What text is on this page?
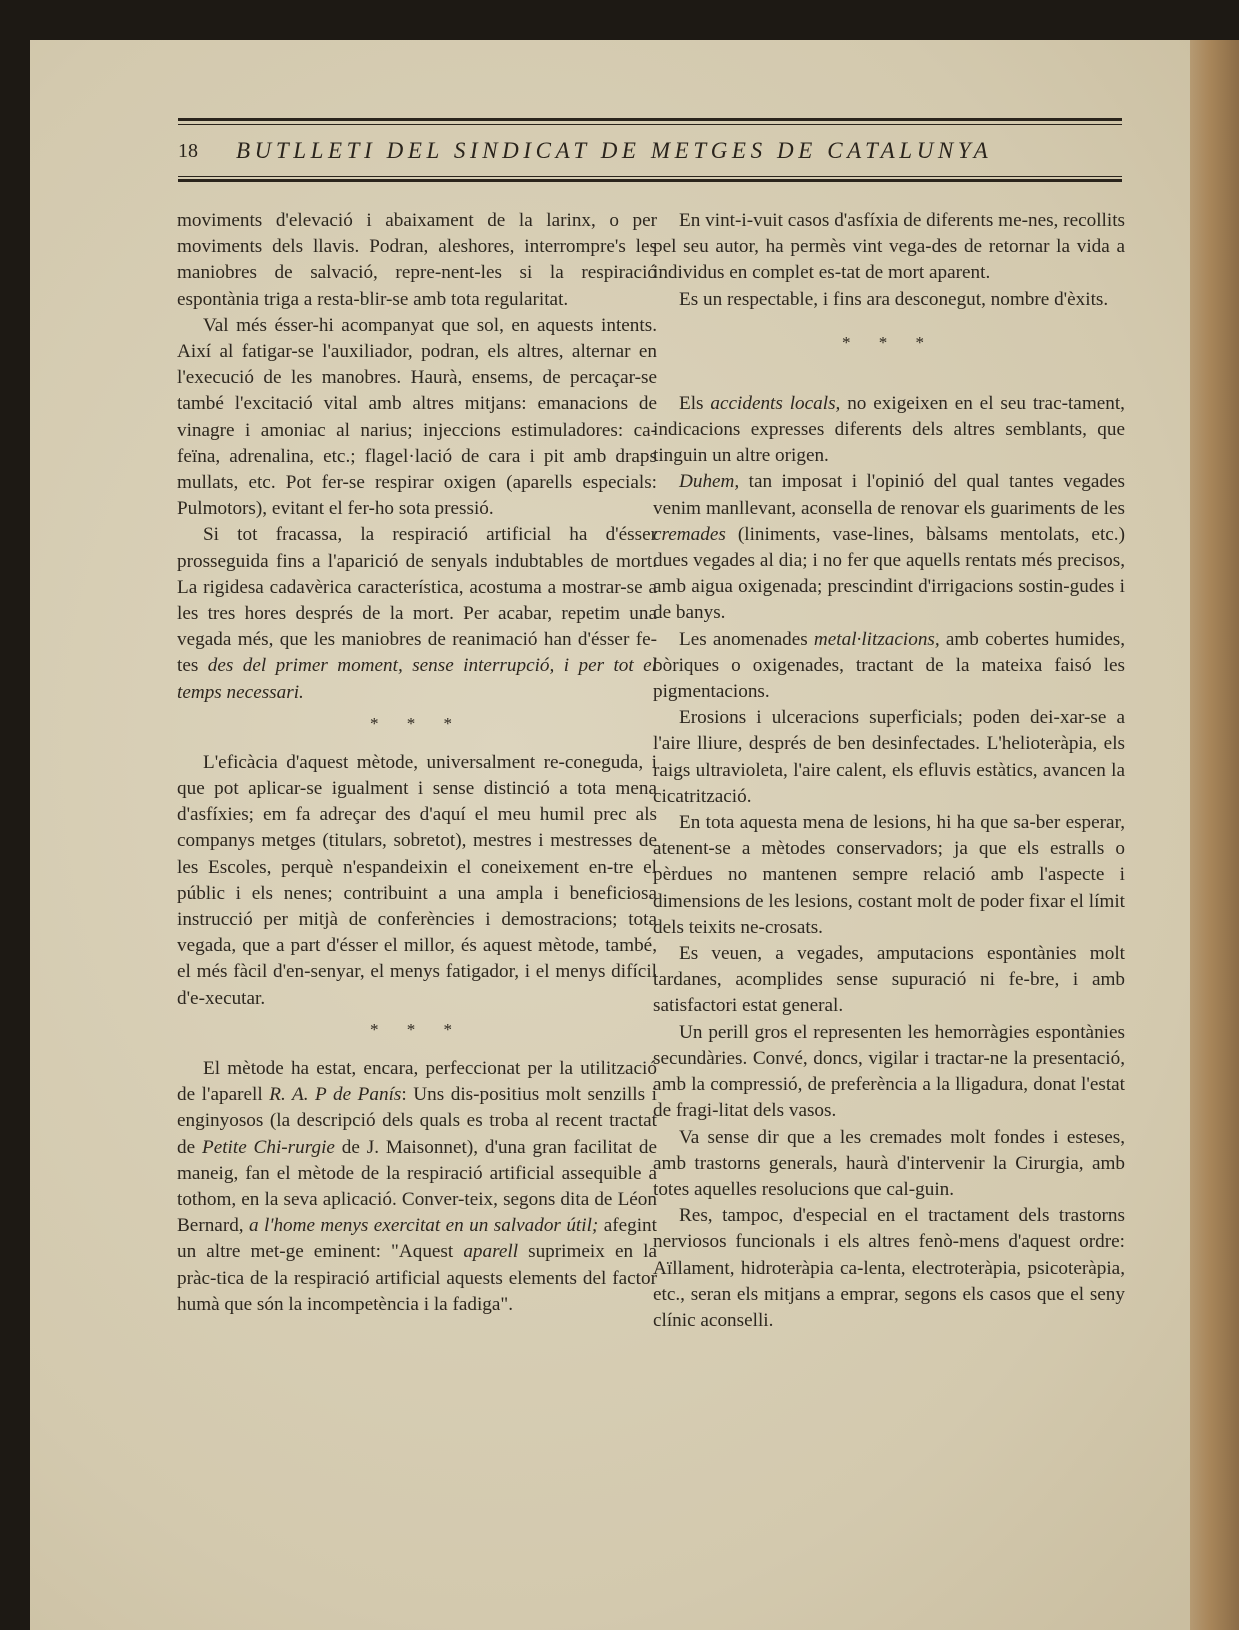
18	BUTLLETI DEL SINDICAT DE METGES DE CATALUNYA

moviments d'elevació i abaixament de la larinx, o per moviments dels llavis. Podran, aleshores, interrompre's les maniobres de salvació, repre-nent-les si la respiració espontània triga a resta-blir-se amb tota regularitat.

Val més ésser-hi acompanyat que sol, en aquests intents. Així al fatigar-se l'auxiliador, podran, els altres, alternar en l'execució de les manobres. Haurà, ensems, de percaçar-se també l'excitació vital amb altres mitjans: emanacions de vinagre i amoniac al narius; injeccions estimuladores: ca-feïna, adrenalina, etc.; flagel·lació de cara i pit amb draps mullats, etc. Pot fer-se respirar oxigen (aparells especials: Pulmotors), evitant el fer-ho sota pressió.

Si tot fracassa, la respiració artificial ha d'ésser prosseguida fins a l'aparició de senyals indubtables de mort. La rigidesa cadavèrica característica, acostuma a mostrar-se a les tres hores després de la mort. Per acabar, repetim una vegada més, que les maniobres de reanimació han d'ésser fe-tes des del primer moment, sense interrupció, i per tot el temps necessari.

* * *

L'eficàcia d'aquest mètode, universalment re-coneguda, i que pot aplicar-se igualment i sense distinció a tota mena d'asfíxies; em fa adreçar des d'aquí el meu humil prec als companys metges (titulars, sobretot), mestres i mestresses de les Escoles, perquè n'espandeixin el coneixement en-tre el públic i els nenes; contribuint a una ampla i beneficiosa instrucció per mitjà de conferències i demostracions; tota vegada, que a part d'ésser el millor, és aquest mètode, també, el més fàcil d'en-senyar, el menys fatigador, i el menys difícil d'e-xecutar.

* * *

El mètode ha estat, encara, perfeccionat per la utilització de l'aparell R. A. P de Panís: Uns dis-positius molt senzills i enginyosos (la descripció dels quals es troba al recent tractat de Petite Chi-rurgie de J. Maisonnet), d'una gran facilitat de maneig, fan el mètode de la respiració artificial assequible a tothom, en la seva aplicació. Conver-teix, segons dita de Léon Bernard, a l'home menys exercitat en un salvador útil; afegint un altre met-ge eminent: "Aquest aparell suprimeix en la pràc-tica de la respiració artificial aquests elements del factor humà que són la incompetència i la fadiga".

En vint-i-vuit casos d'asfíxia de diferents me-nes, recollits pel seu autor, ha permès vint vega-des de retornar la vida a individus en complet es-tat de mort aparent.

Es un respectable, i fins ara desconegut, nombre d'èxits.

* * *

Els accidents locals, no exigeixen en el seu trac-tament, indicacions expresses diferents dels altres semblants, que tinguin un altre origen.

Duhem, tan imposat i l'opinió del qual tantes vegades venim manllevant, aconsella de renovar els guariments de les cremades (liniments, vase-lines, bàlsams mentolats, etc.) dues vegades al dia; i no fer que aquells rentats més precisos, amb aigua oxigenada; prescindint d'irrigacions sostin-gudes i de banys.

Les anomenades metal·litzacions, amb cobertes humides, bòriques o oxigenades, tractant de la mateixa faisó les pigmentacions.

Erosions i ulceracions superficials; poden dei-xar-se a l'aire lliure, després de ben desinfectades. L'helioteràpia, els raigs ultravioleta, l'aire calent, els efluvis estàtics, avancen la cicatrització.

En tota aquesta mena de lesions, hi ha que sa-ber esperar, atenent-se a mètodes conservadors; ja que els estralls o pèrdues no mantenen sempre relació amb l'aspecte i dimensions de les lesions, costant molt de poder fixar el límit dels teixits ne-crosats.

Es veuen, a vegades, amputacions espontànies molt tardanes, acomplides sense supuració ni fe-bre, i amb satisfactori estat general.

Un perill gros el representen les hemorràgies espontànies secundàries. Convé, doncs, vigilar i tractar-ne la presentació, amb la compressió, de preferència a la lligadura, donat l'estat de fragi-litat dels vasos.

Va sense dir que a les cremades molt fondes i esteses, amb trastorns generals, haurà d'intervenir la Cirurgia, amb totes aquelles resolucions que cal-guin.

Res, tampoc, d'especial en el tractament dels trastorns nerviosos funcionals i els altres fenò-mens d'aquest ordre: Aïllament, hidroteràpia ca-lenta, electroteràpia, psicoteràpia, etc., seran els mitjans a emprar, segons els casos que el seny clínic aconselli.
